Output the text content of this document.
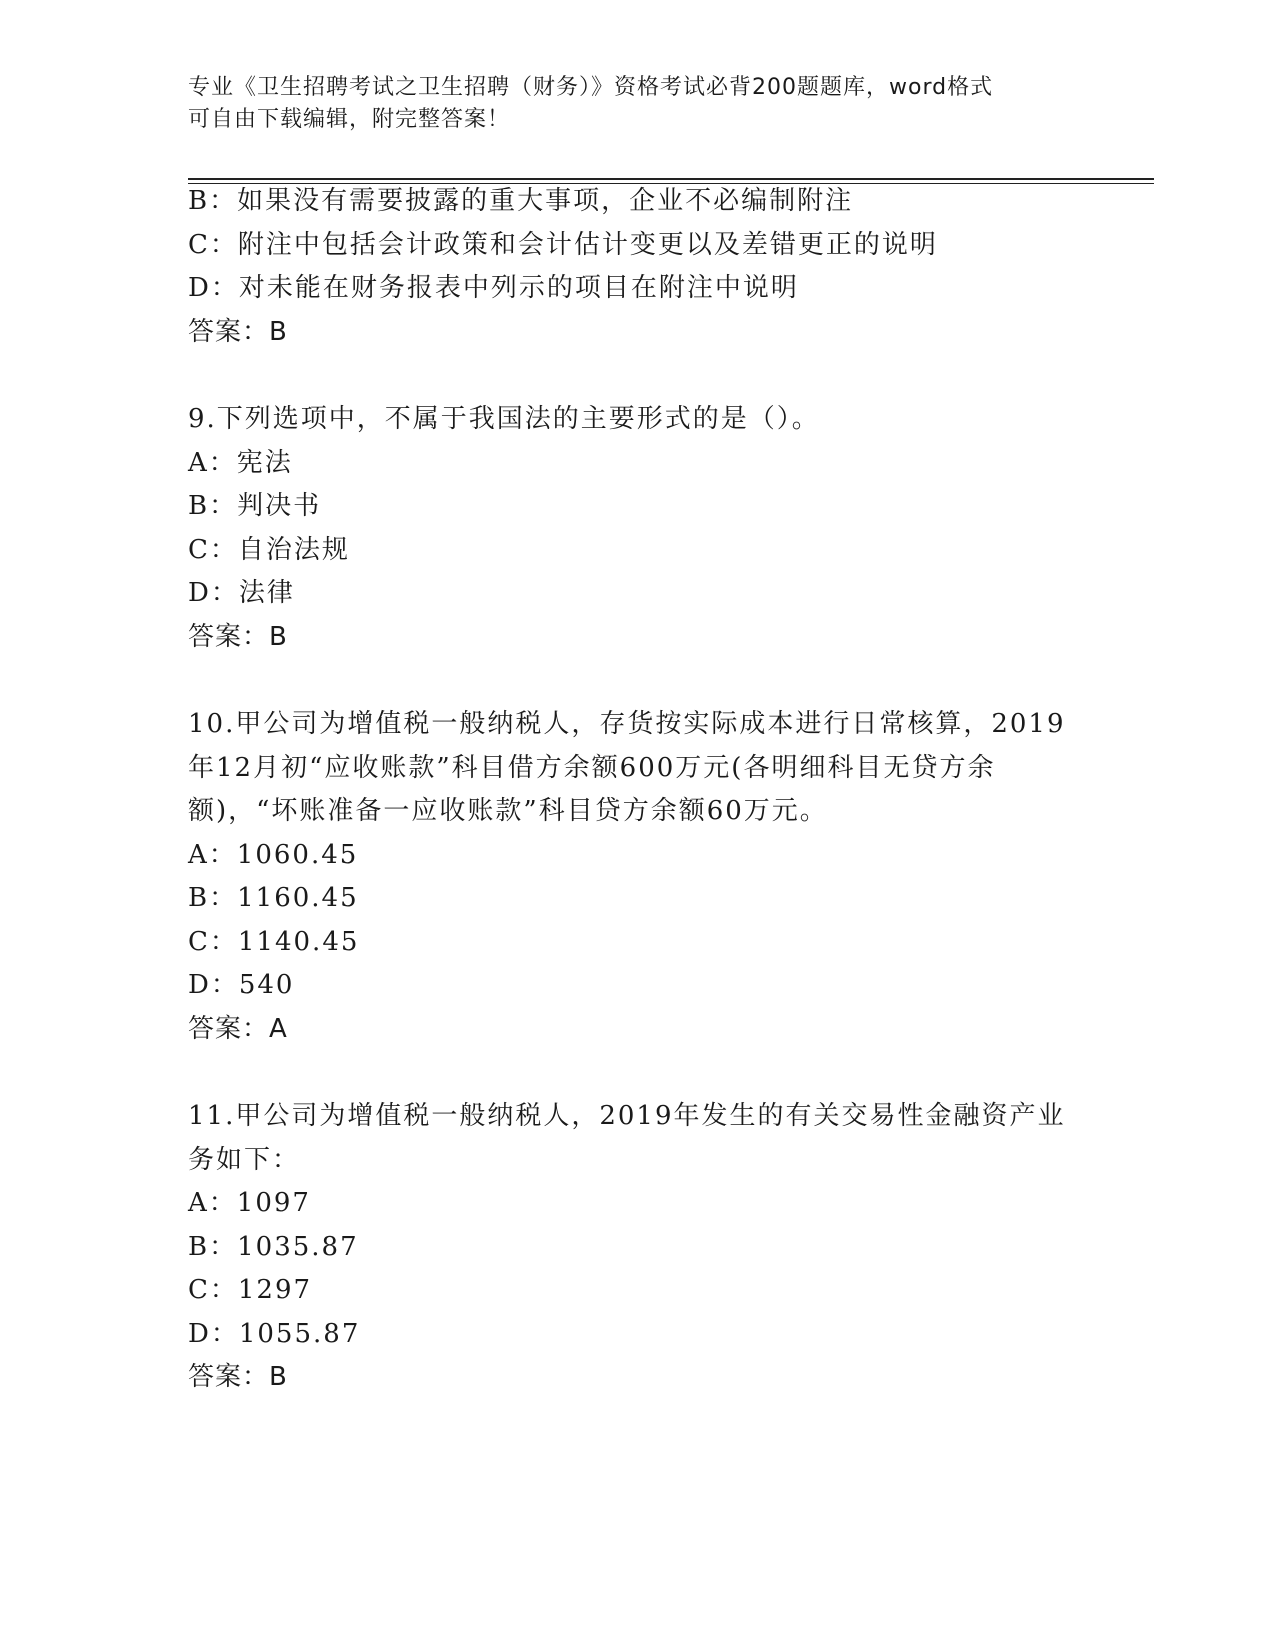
专业《卫生招聘考试之卫生招聘（财务）》资格考试必背200题题库，word格式
可自由下载编辑，附完整答案！
B：如果没有需要披露的重大事项，企业不必编制附注
C：附注中包括会计政策和会计估计变更以及差错更正的说明
D：对未能在财务报表中列示的项目在附注中说明
答案：B
9.下列选项中，不属于我国法的主要形式的是（）。
A：宪法
B：判决书
C：自治法规
D：法律
答案：B
10.甲公司为增值税一般纳税人，存货按实际成本进行日常核算，2019
年12月初“应收账款”科目借方余额600万元(各明细科目无贷方余
额)，“坏账准备一应收账款”科目贷方余额60万元。
A：1060.45
B：1160.45
C：1140.45
D：540
答案：A
11.甲公司为增值税一般纳税人，2019年发生的有关交易性金融资产业
务如下：
A：1097
B：1035.87
C：1297
D：1055.87
答案：B
